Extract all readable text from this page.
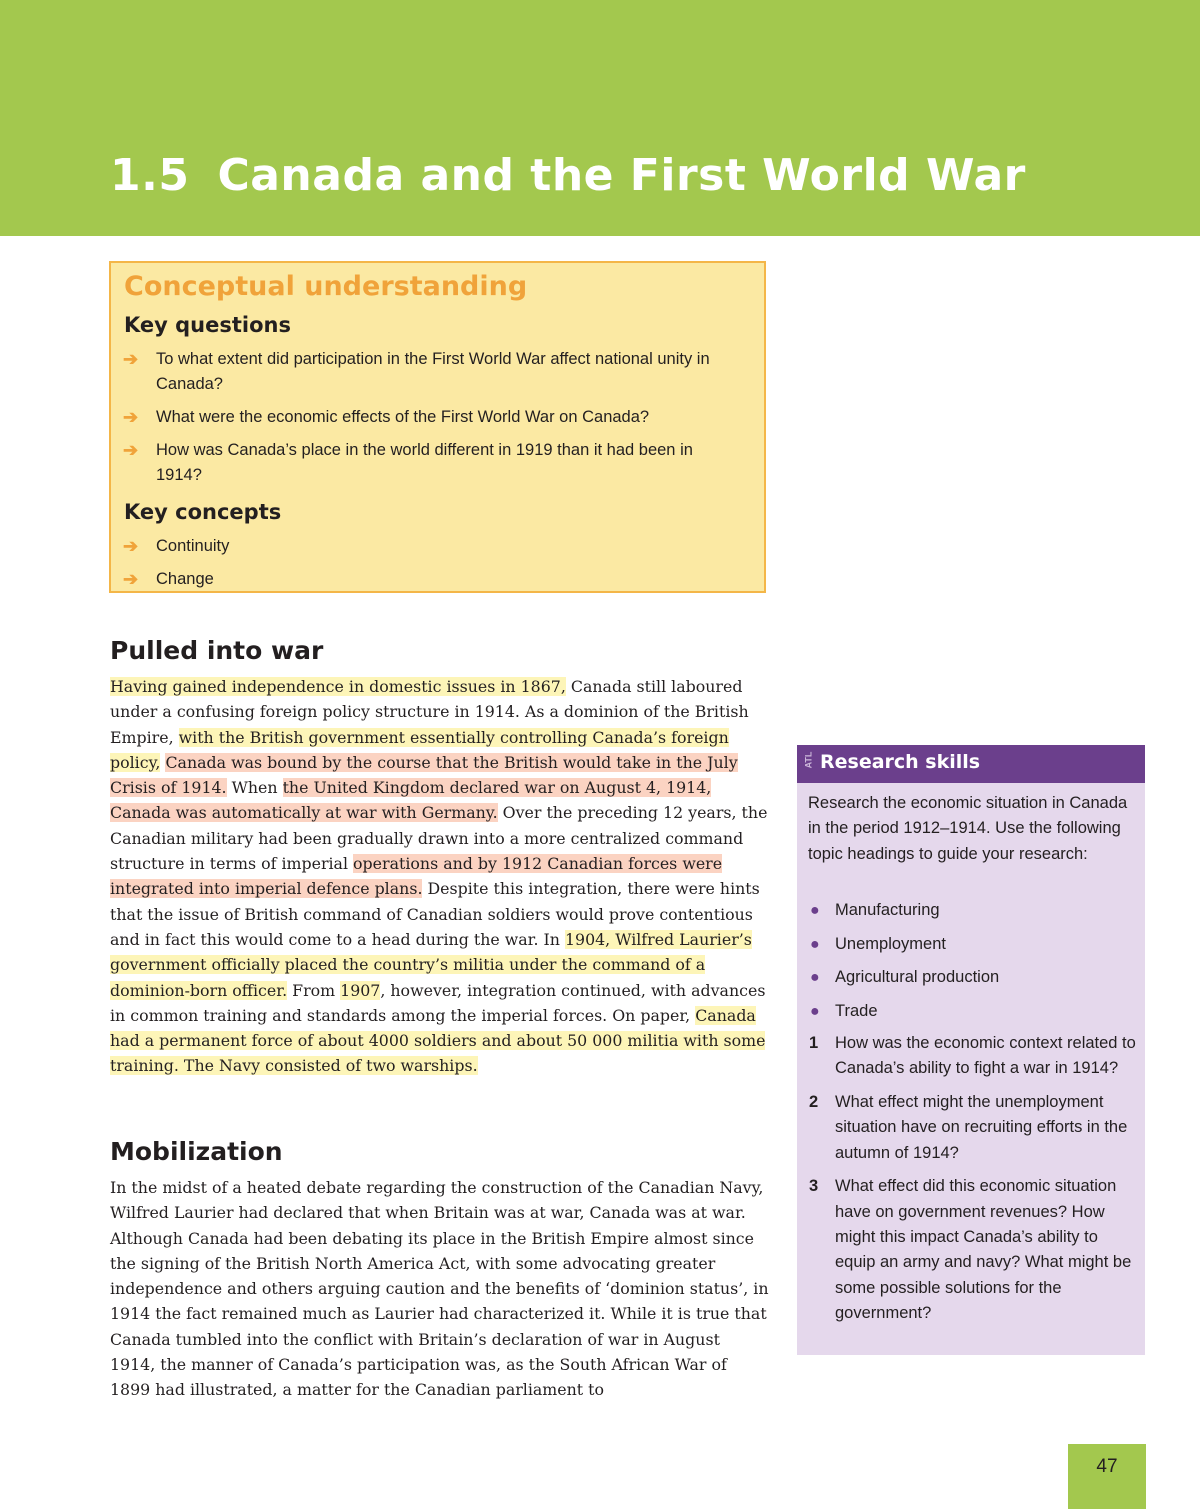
1.5 Canada and the First World War
Conceptual understanding
Key questions
➔ To what extent did participation in the First World War affect national unity in Canada?
➔ What were the economic effects of the First World War on Canada?
➔ How was Canada’s place in the world different in 1919 than it had been in 1914?
Key concepts
➔ Continuity
➔ Change
Pulled into war

Having gained independence in domestic issues in 1867, Canada still laboured under a confusing foreign policy structure in 1914. As a dominion of the British Empire, with the British government essentially controlling Canada’s foreign policy, Canada was bound by the course that the British would take in the July Crisis of 1914. When the United Kingdom declared war on August 4, 1914, Canada was automatically at war with Germany. Over the preceding 12 years, the Canadian military had been gradually drawn into a more centralized command structure in terms of imperial operations and by 1912 Canadian forces were integrated into imperial defence plans. Despite this integration, there were hints that the issue of British command of Canadian soldiers would prove contentious and in fact this would come to a head during the war. In 1904, Wilfred Laurier’s government officially placed the country’s militia under the command of a dominion-born officer. From 1907, however, integration continued, with advances in common training and standards among the imperial forces. On paper, Canada had a permanent force of about 4000 soldiers and about 50 000 militia with some training. The Navy consisted of two warships.

Mobilization

In the midst of a heated debate regarding the construction of the Canadian Navy, Wilfred Laurier had declared that when Britain was at war, Canada was at war. Although Canada had been debating its place in the British Empire almost since the signing of the British North America Act, with some advocating greater independence and others arguing caution and the benefits of ‘dominion status’, in 1914 the fact remained much as Laurier had characterized it. While it is true that Canada tumbled into the conflict with Britain’s declaration of war in August 1914, the manner of Canada’s participation was, as the South African War of 1899 had illustrated, a matter for the Canadian parliament to

ATL Research skills

Research the economic situation in Canada in the period 1912–1914. Use the following topic headings to guide your research:

● Manufacturing
● Unemployment
● Agricultural production
● Trade
1 How was the economic context related to Canada’s ability to fight a war in 1914?
2 What effect might the unemployment situation have on recruiting efforts in the autumn of 1914?
3 What effect did this economic situation have on government revenues? How might this impact Canada’s ability to equip an army and navy? What might be some possible solutions for the government?
47
